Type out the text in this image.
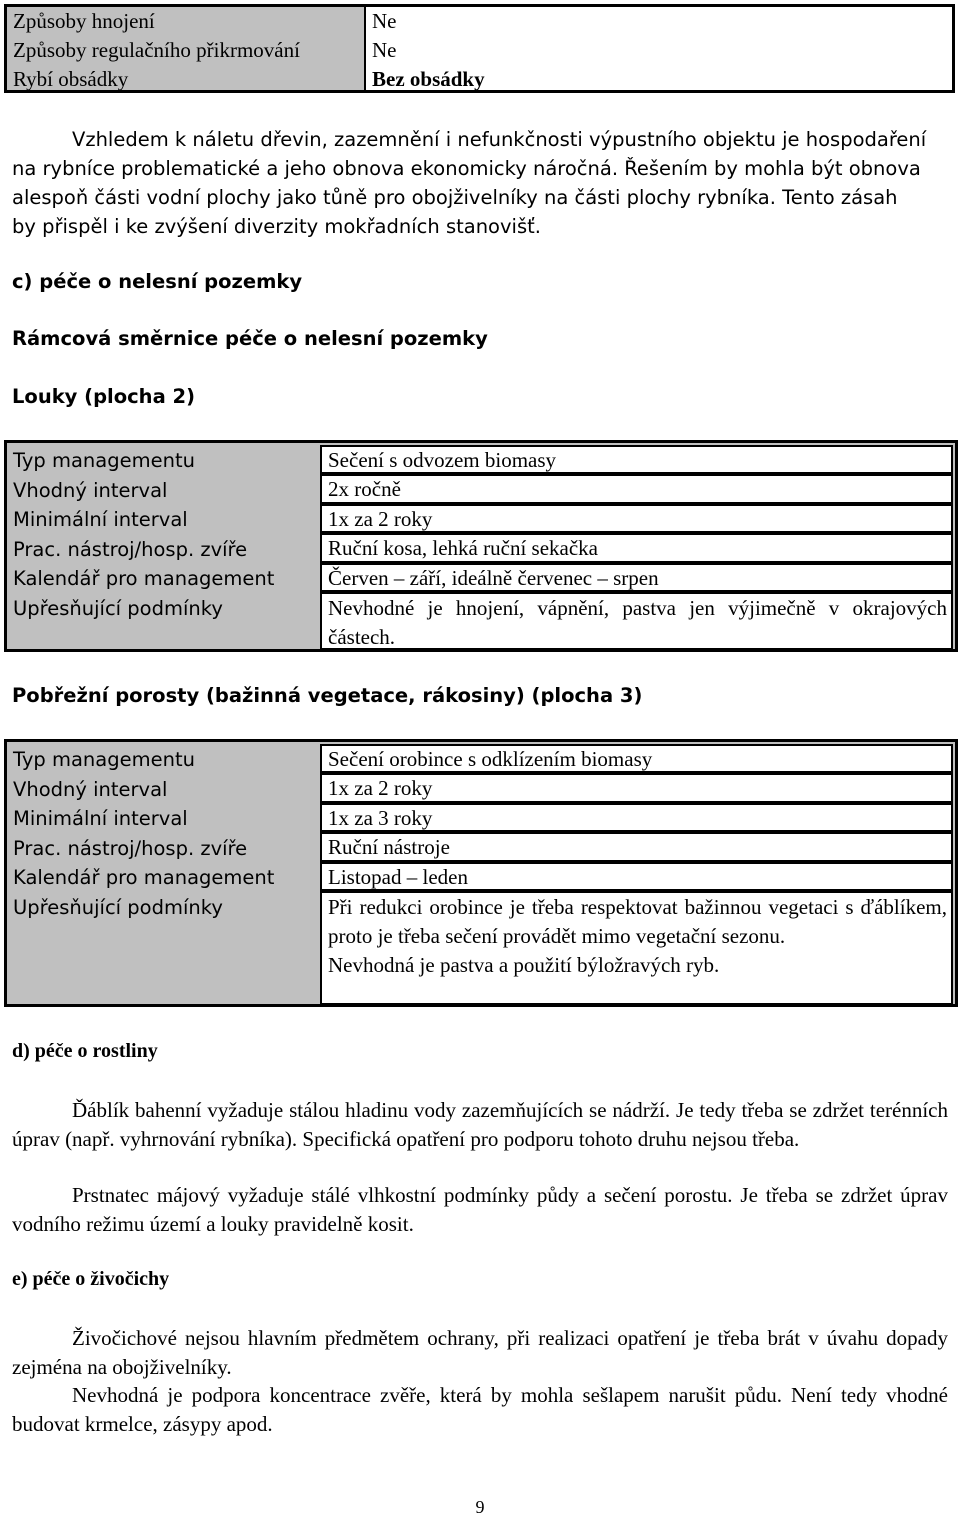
Způsoby hnojení
Způsoby regulačního přikrmování
Rybí obsádky
Ne
Ne
Bez obsádky
Vzhledem k náletu dřevin, zazemnění i nefunkčnosti výpustního objektu je hospodaření
na rybníce problematické a jeho obnova ekonomicky náročná. Řešením by mohla být obnova
alespoň části vodní plochy jako tůně pro obojživelníky na části plochy rybníka. Tento zásah
by přispěl i ke zvýšení diverzity mokřadních stanovišť.
c) péče o nelesní pozemky
Rámcová směrnice péče o nelesní pozemky
Louky (plocha 2)
Typ managementu
Vhodný interval
Minimální interval
Prac. nástroj/hosp. zvíře
Kalendář pro management
Upřesňující podmínky
Sečení s odvozem biomasy
2x ročně
1x za 2 roky
Ruční kosa, lehká ruční sekačka
Červen – září, ideálně červenec – srpen
Nevhodné je hnojení, vápnění, pastva jen výjimečně v okrajových částech.
Pobřežní porosty (bažinná vegetace, rákosiny) (plocha 3)
Typ managementu
Vhodný interval
Minimální interval
Prac. nástroj/hosp. zvíře
Kalendář pro management
Upřesňující podmínky
Sečení orobince s odklízením biomasy
1x za 2 roky
1x za 3 roky
Ruční nástroje
Listopad – leden
Při redukci orobince je třeba respektovat bažinnou vegetaci s ďáblíkem, proto je třeba sečení provádět mimo vegetační sezonu.
Nevhodná je pastva a použití býložravých ryb.
d) péče o rostliny
Ďáblík bahenní vyžaduje stálou hladinu vody zazemňujících se nádrží. Je tedy třeba se zdržet terénních úprav (např. vyhrnování rybníka). Specifická opatření pro podporu tohoto druhu nejsou třeba.
Prstnatec májový vyžaduje stálé vlhkostní podmínky půdy a sečení porostu. Je třeba se zdržet úprav vodního režimu území a louky pravidelně kosit.
e) péče o živočichy
Živočichové nejsou hlavním předmětem ochrany, při realizaci opatření je třeba brát v úvahu dopady zejména na obojživelníky.
Nevhodná je podpora koncentrace zvěře, která by mohla sešlapem narušit půdu. Není tedy vhodné budovat krmelce, zásypy apod.
9
